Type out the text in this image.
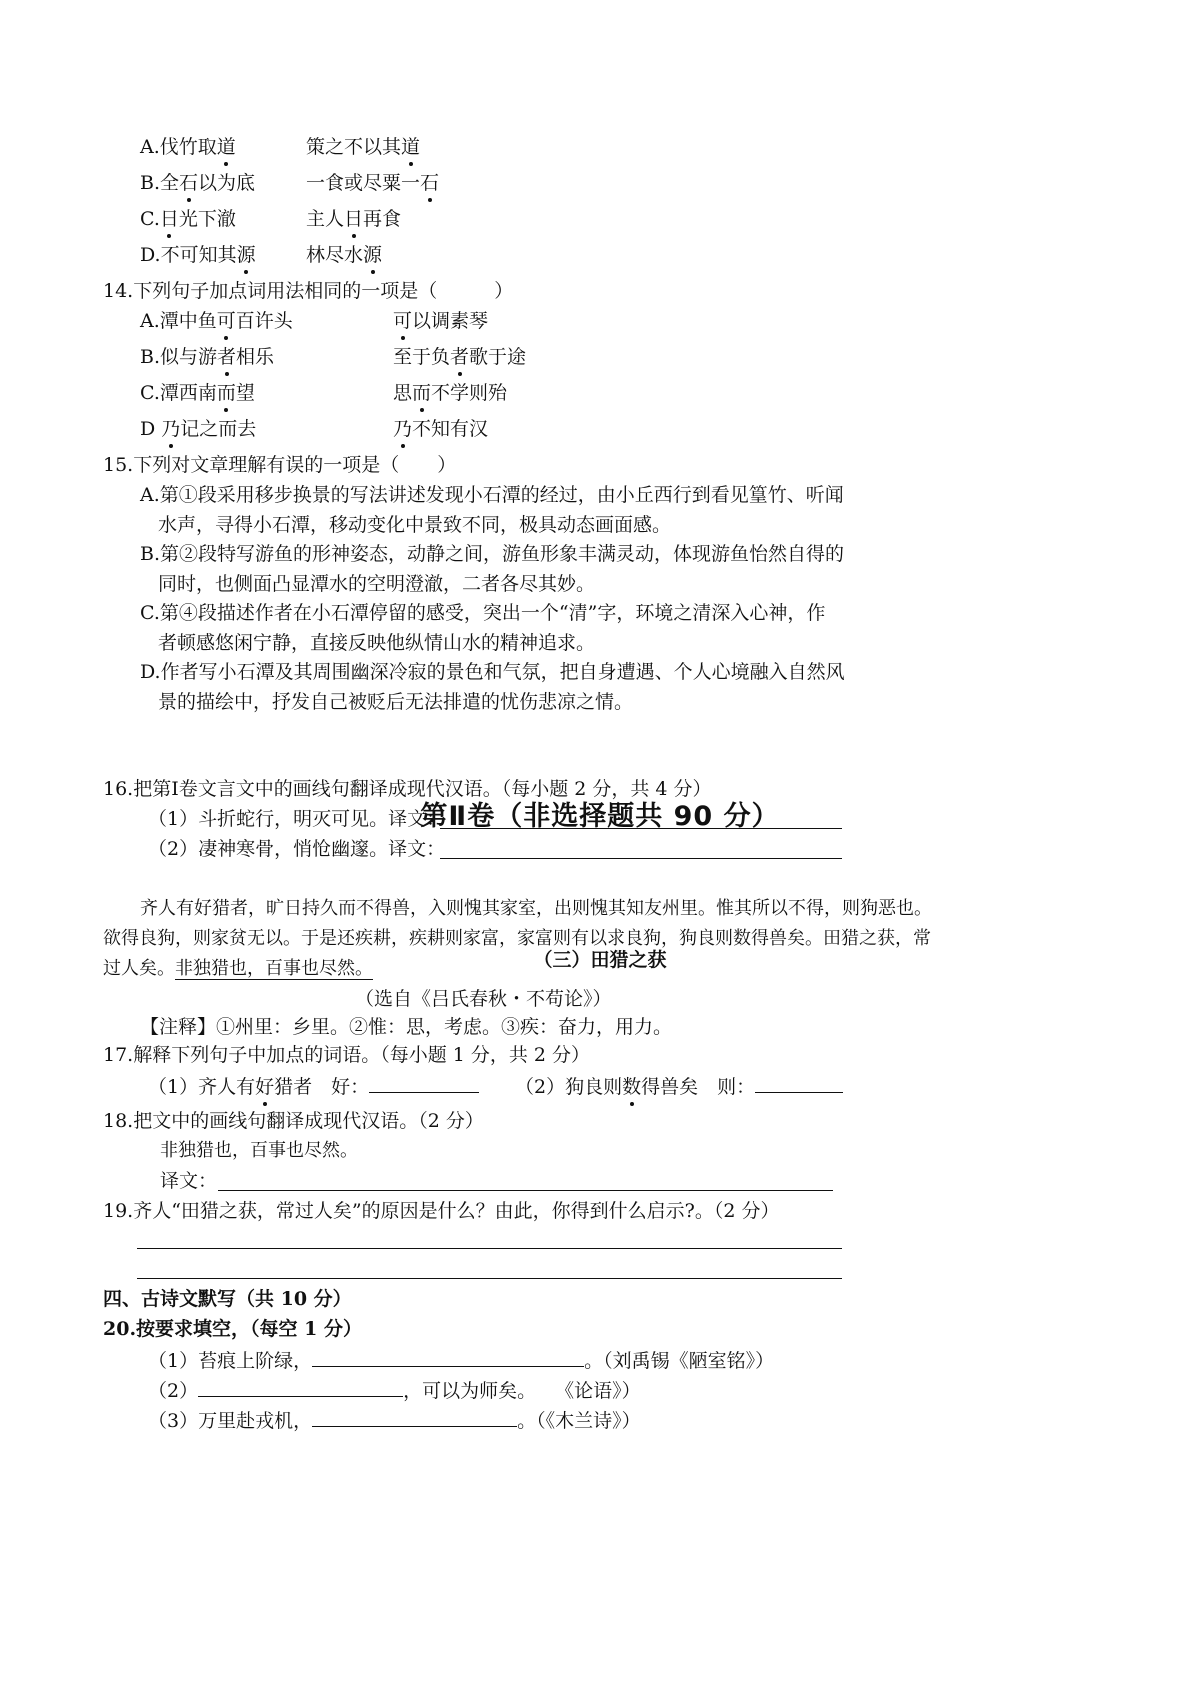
A.伐竹取道	策之不以其道
B.全石以为底	一食或尽粟一石
C.日光下澈	主人日再食
D.不可知其源	林尽水源
14.下列句子加点词用法相同的一项是（　　　）
A.潭中鱼可百许头	可以调素琴
B.似与游者相乐	至于负者歌于途
C.潭西南而望	思而不学则殆
D 乃记之而去	乃不知有汉
15.下列对文章理解有误的一项是（　　）
A.第①段采用移步换景的写法讲述发现小石潭的经过，由小丘西行到看见篁竹、听闻
水声，寻得小石潭，移动变化中景致不同，极具动态画面感。
B.第②段特写游鱼的形神姿态，动静之间，游鱼形象丰满灵动，体现游鱼怡然自得的
同时，也侧面凸显潭水的空明澄澈，二者各尽其妙。
C.第④段描述作者在小石潭停留的感受，突出一个“清”字，环境之清深入心神，作
者顿感悠闲宁静，直接反映他纵情山水的精神追求。
D.作者写小石潭及其周围幽深冷寂的景色和气氛，把自身遭遇、个人心境融入自然风
景的描绘中，抒发自己被贬后无法排遣的忧伤悲凉之情。
第Ⅱ卷（非选择题共 90 分）
16.把第Ⅰ卷文言文中的画线句翻译成现代汉语。（每小题 2 分，共 4 分）
（1）斗折蛇行，明灭可见。译文：
（2）凄神寒骨，悄怆幽邃。译文：
（三）田猎之获
齐人有好猎者，旷日持久而不得兽，入则愧其家室，出则愧其知友州里。惟其所以不得，则狗恶也。
欲得良狗，则家贫无以。于是还疾耕，疾耕则家富，家富则有以求良狗，狗良则数得兽矣。田猎之获，常
过人矣。非独猎也，百事也尽然。
（选自《吕氏春秋・不苟论》）
【注释】①州里：乡里。②惟：思，考虑。③疾：奋力，用力。
17.解释下列句子中加点的词语。（每小题 1 分，共 2 分）
（1）齐人有好猎者　好：	（2）狗良则数得兽矣　则：
18.把文中的画线句翻译成现代汉语。（2 分）
非独猎也，百事也尽然。
译文：
19.齐人“田猎之获，常过人矣”的原因是什么？由此，你得到什么启示?。（2 分）
四、古诗文默写（共 10 分）
20.按要求填空，（每空 1 分）
（1）苔痕上阶绿，	。（刘禹锡《陋室铭》）
（2）	，可以为师矣。　　《论语》）
（3）万里赴戎机，	。（《木兰诗》）
